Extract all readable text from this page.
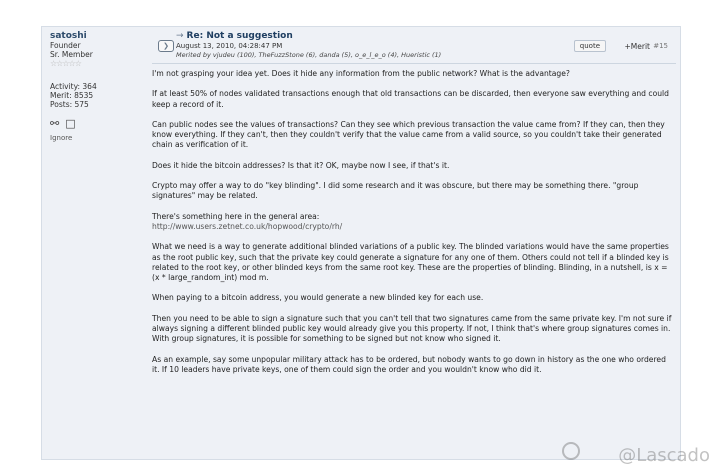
satoshi
Founder
Sr. Member
☆☆☆☆☆
Activity: 364
Merit: 8535
Posts: 575
⚯ □
Ignore
❯
→ Re: Not a suggestion
August 13, 2010, 04:28:47 PM
Merited by vjudeu (100), TheFuzzStone (6), danda (5), o_e_l_e_o (4), Hueristic (1)
quote	+Merit #15

I'm not grasping your idea yet. Does it hide any information from the public network? What is the advantage?

If at least 50% of nodes validated transactions enough that old transactions can be discarded, then everyone saw everything and could keep a record of it.

Can public nodes see the values of transactions? Can they see which previous transaction the value came from? If they can, then they know everything. If they can't, then they couldn't verify that the value came from a valid source, so you couldn't take their generated chain as verification of it.

Does it hide the bitcoin addresses? Is that it? OK, maybe now I see, if that's it.

Crypto may offer a way to do "key blinding". I did some research and it was obscure, but there may be something there. "group signatures" may be related.

There's something here in the general area:
http://www.users.zetnet.co.uk/hopwood/crypto/rh/

What we need is a way to generate additional blinded variations of a public key. The blinded variations would have the same properties as the root public key, such that the private key could generate a signature for any one of them. Others could not tell if a blinded key is related to the root key, or other blinded keys from the same root key. These are the properties of blinding. Blinding, in a nutshell, is x = (x * large_random_int) mod m.

When paying to a bitcoin address, you would generate a new blinded key for each use.

Then you need to be able to sign a signature such that you can't tell that two signatures came from the same private key. I'm not sure if always signing a different blinded public key would already give you this property. If not, I think that's where group signatures comes in. With group signatures, it is possible for something to be signed but not know who signed it.

As an example, say some unpopular military attack has to be ordered, but nobody wants to go down in history as the one who ordered it. If 10 leaders have private keys, one of them could sign the order and you wouldn't know who did it.

@Lascado
